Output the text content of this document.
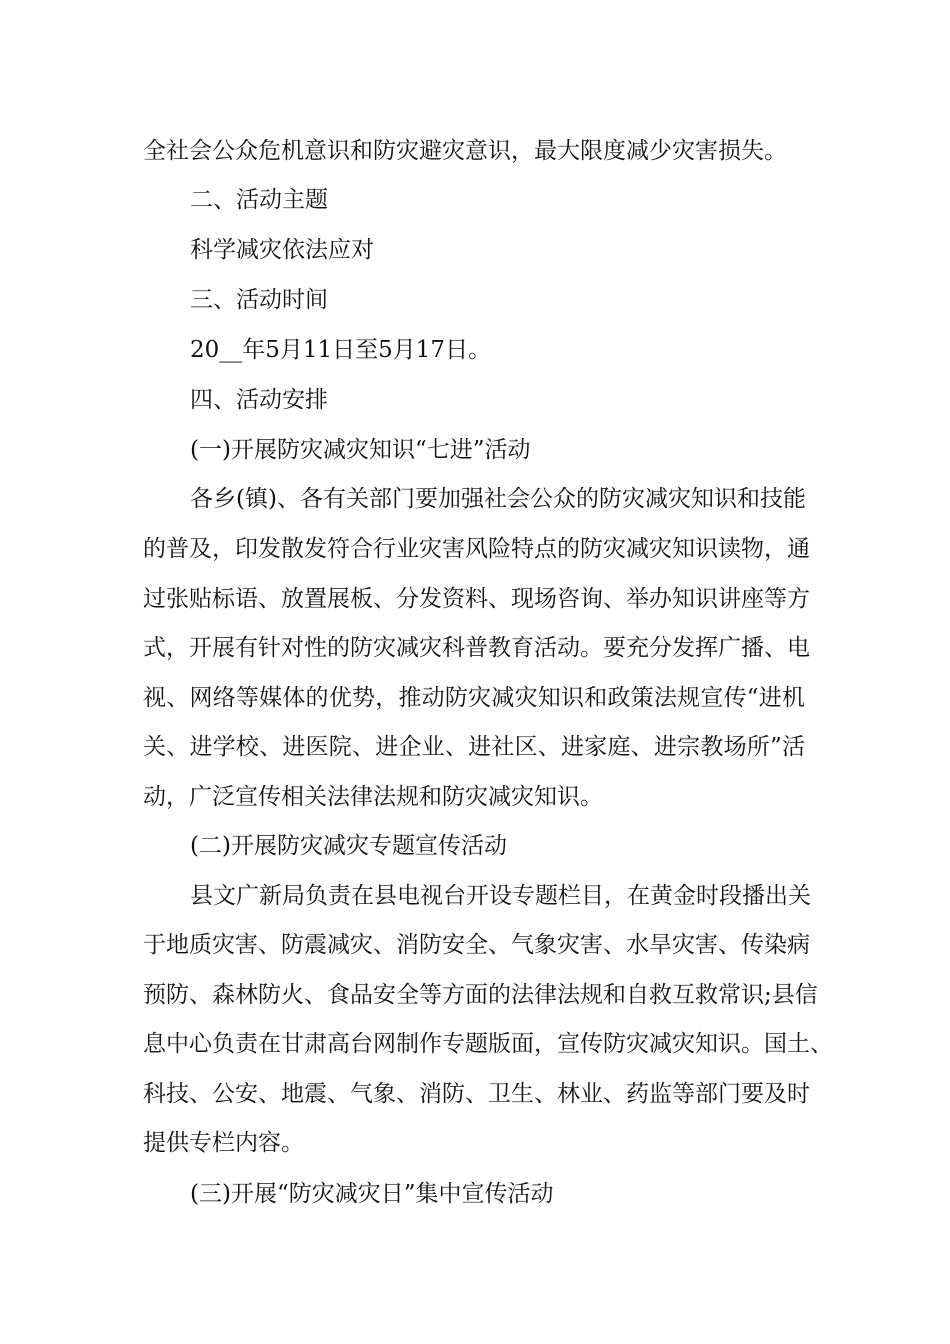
全社会公众危机意识和防灾避灾意识，最大限度减少灾害损失。
二、活动主题
科学减灾依法应对
三、活动时间
20__年5月11日至5月17日。
四、活动安排
(一)开展防灾减灾知识“七进”活动
各乡(镇)、各有关部门要加强社会公众的防灾减灾知识和技能
的普及，印发散发符合行业灾害风险特点的防灾减灾知识读物，通
过张贴标语、放置展板、分发资料、现场咨询、举办知识讲座等方
式，开展有针对性的防灾减灾科普教育活动。要充分发挥广播、电
视、网络等媒体的优势，推动防灾减灾知识和政策法规宣传“进机
关、进学校、进医院、进企业、进社区、进家庭、进宗教场所”活
动，广泛宣传相关法律法规和防灾减灾知识。
(二)开展防灾减灾专题宣传活动
县文广新局负责在县电视台开设专题栏目，在黄金时段播出关
于地质灾害、防震减灾、消防安全、气象灾害、水旱灾害、传染病
预防、森林防火、食品安全等方面的法律法规和自救互救常识;县信
息中心负责在甘肃高台网制作专题版面，宣传防灾减灾知识。国土、
科技、公安、地震、气象、消防、卫生、林业、药监等部门要及时
提供专栏内容。
(三)开展“防灾减灾日”集中宣传活动
